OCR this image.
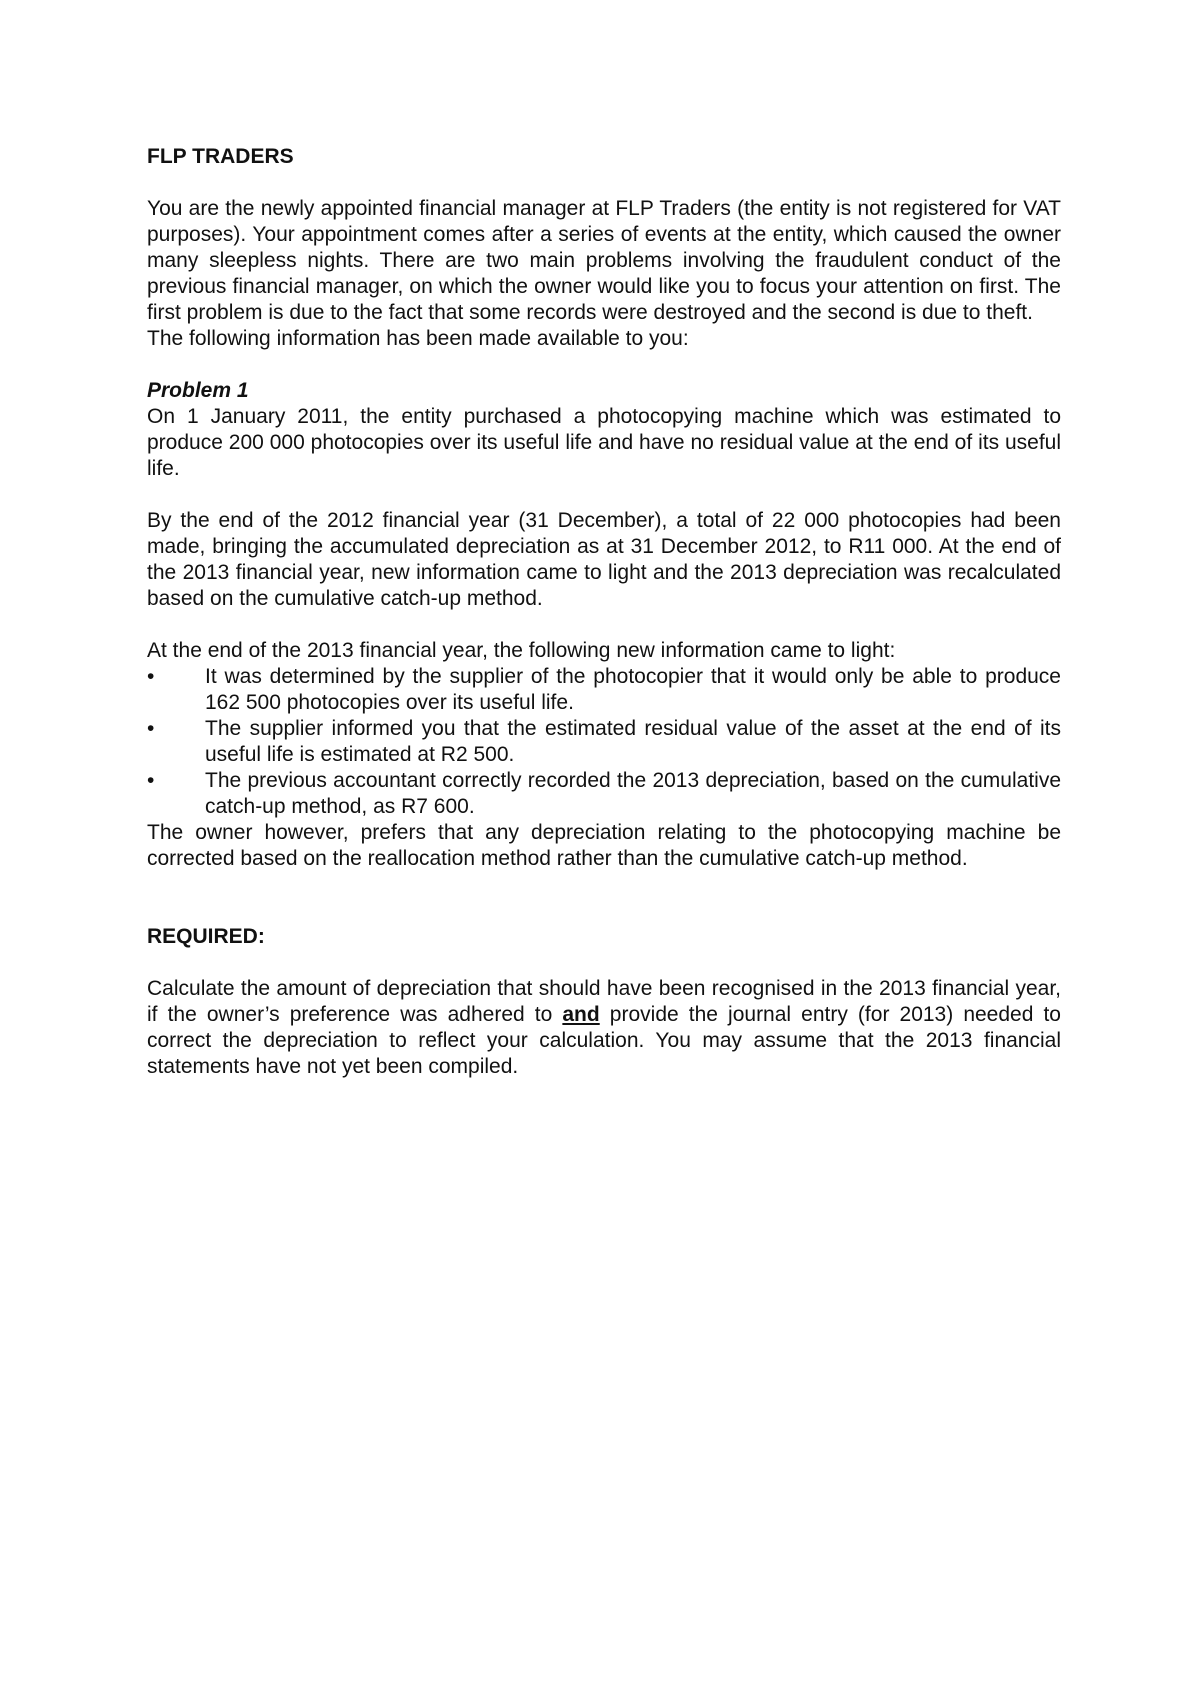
FLP TRADERS

You are the newly appointed financial manager at FLP Traders (the entity is not registered for VAT purposes). Your appointment comes after a series of events at the entity, which caused the owner many sleepless nights. There are two main problems involving the fraudulent conduct of the previous financial manager, on which the owner would like you to focus your attention on first. The first problem is due to the fact that some records were destroyed and the second is due to theft.

The following information has been made available to you:

Problem 1

On 1 January 2011, the entity purchased a photocopying machine which was estimated to produce 200 000 photocopies over its useful life and have no residual value at the end of its useful life.

By the end of the 2012 financial year (31 December), a total of 22 000 photocopies had been made, bringing the accumulated depreciation as at 31 December 2012, to R11 000. At the end of the 2013 financial year, new information came to light and the 2013 depreciation was recalculated based on the cumulative catch-up method.

At the end of the 2013 financial year, the following new information came to light:

•	It was determined by the supplier of the photocopier that it would only be able to produce 162 500 photocopies over its useful life.
•	The supplier informed you that the estimated residual value of the asset at the end of its useful life is estimated at R2 500.
•	The previous accountant correctly recorded the 2013 depreciation, based on the cumulative catch-up method, as R7 600.

The owner however, prefers that any depreciation relating to the photocopying machine be corrected based on the reallocation method rather than the cumulative catch-up method.

REQUIRED:

Calculate the amount of depreciation that should have been recognised in the 2013 financial year, if the owner’s preference was adhered to and provide the journal entry (for 2013) needed to correct the depreciation to reflect your calculation. You may assume that the 2013 financial statements have not yet been compiled.
